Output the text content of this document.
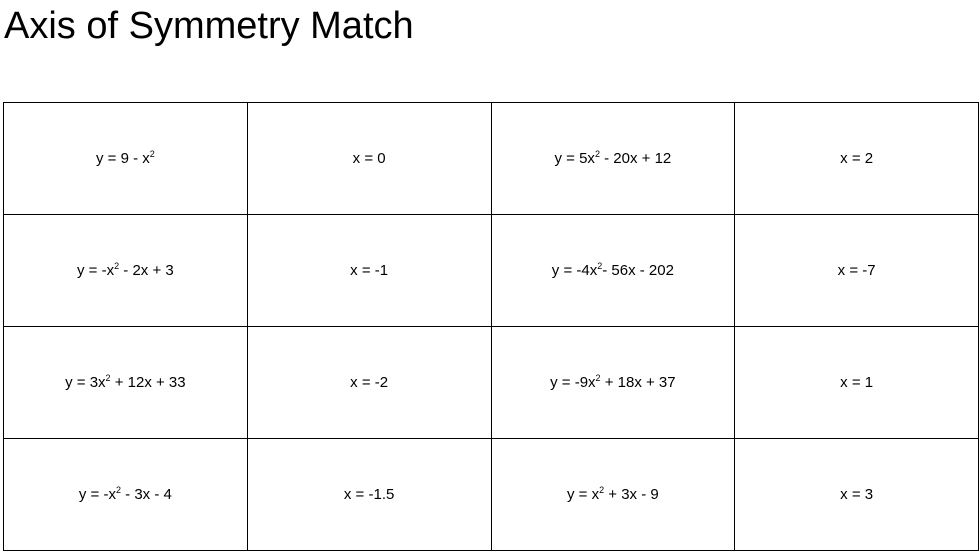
Axis of Symmetry Match
$y = 9 - x^2$	x = 0	$y = 5x^2 - 20x + 12$	x = 2
$y = -x^2 - 2x + 3$	x = -1	$y = -4x^2-$ 56x - 202	x = -7
$y = 3x^2 + 12x + 33$	x = -2	$y = -9x^2 + 18x + 37$	x = 1
$y = -x^2 - 3x - 4$	x = -1.5	$y = x^2 + 3x - 9$	x = 3
